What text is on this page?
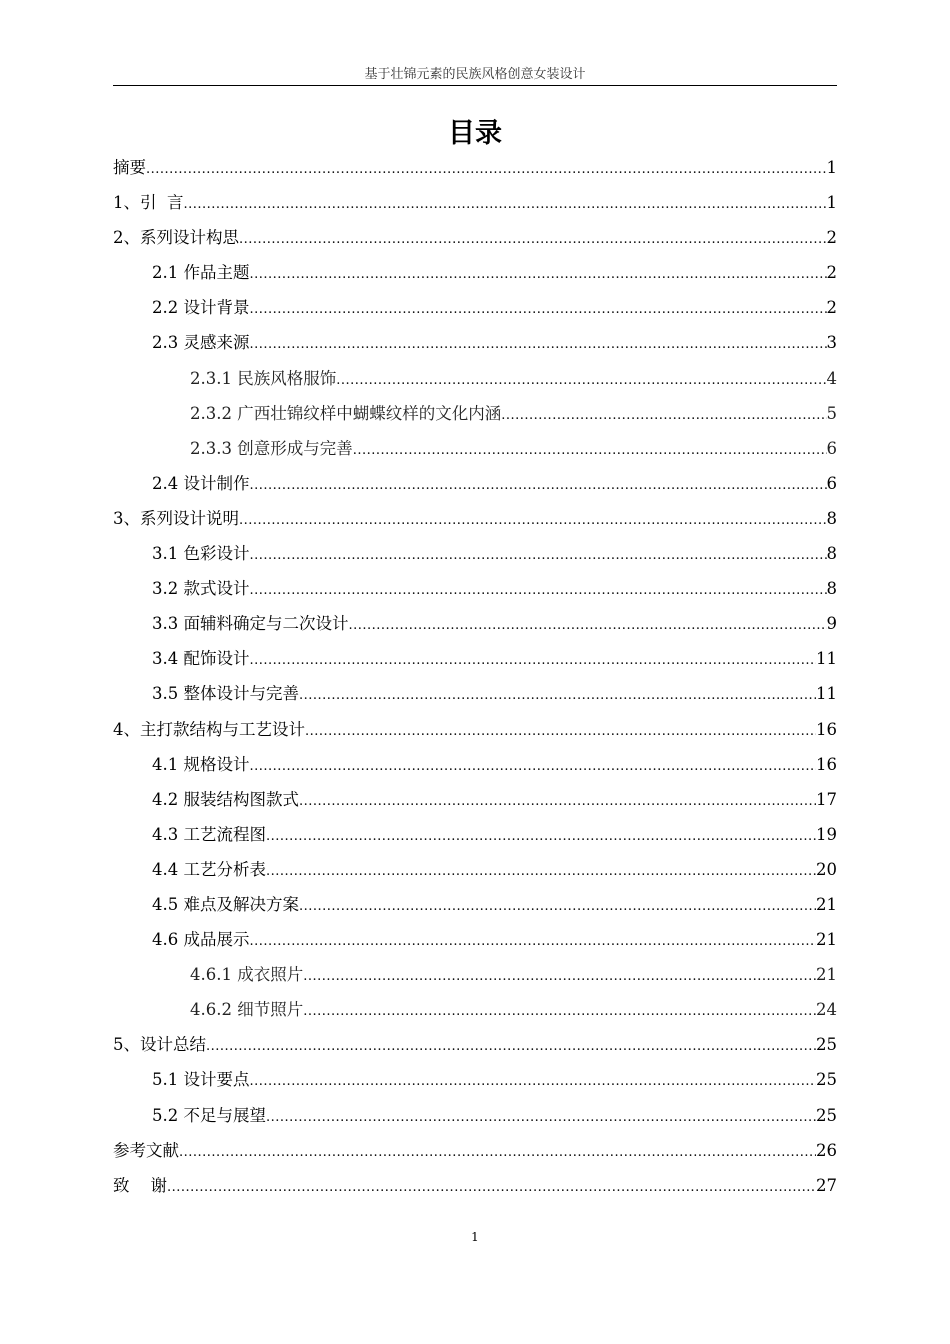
基于壮锦元素的民族风格创意女装设计
目录
摘要 .....	1
1、引  言 .....	1
2、系列设计构思 .....	2
2.1 作品主题 .....	2
2.2 设计背景 .....	2
2.3 灵感来源 .....	3
2.3.1 民族风格服饰 .....	4
2.3.2 广西壮锦纹样中蝴蝶纹样的文化内涵 .....	5
2.3.3 创意形成与完善 .....	6
2.4 设计制作 .....	6
3、系列设计说明 .....	8
3.1 色彩设计 .....	8
3.2 款式设计 .....	8
3.3 面辅料确定与二次设计 .....	9
3.4 配饰设计 .....	11
3.5 整体设计与完善 .....	11
4、主打款结构与工艺设计 .....	16
4.1 规格设计 .....	16
4.2 服装结构图款式 .....	17
4.3 工艺流程图 .....	19
4.4 工艺分析表 .....	20
4.5 难点及解决方案 .....	21
4.6 成品展示 .....	21
4.6.1 成衣照片 .....	21
4.6.2 细节照片 .....	24
5、设计总结 .....	25
5.1 设计要点 .....	25
5.2 不足与展望 .....	25
参考文献 .....	26
致    谢 .....	27
1
